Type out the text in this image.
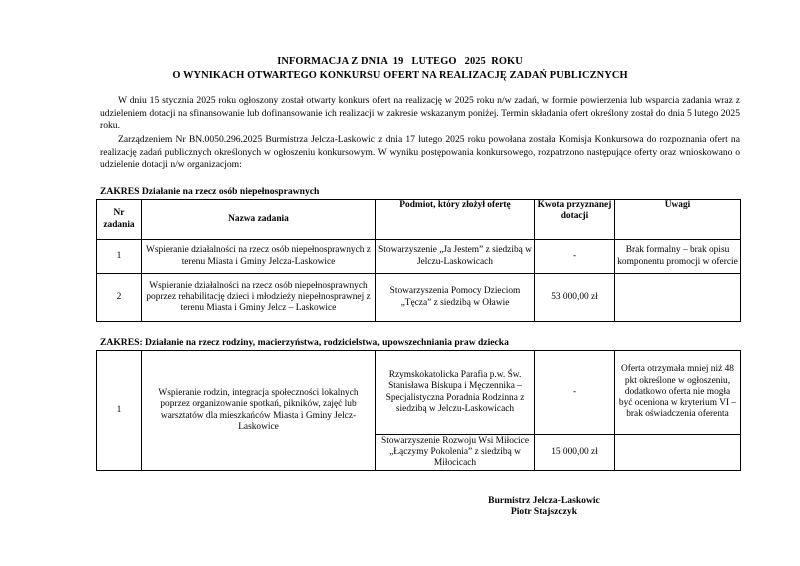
INFORMACJA Z DNIA  19   LUTEGO   2025  ROKU
O WYNIKACH OTWARTEGO KONKURSU OFERT NA REALIZACJĘ ZADAŃ PUBLICZNYCH
W dniu 15 stycznia 2025 roku ogłoszony został otwarty konkurs ofert na realizację w 2025 roku n/w zadań, w formie powierzenia lub wsparcia zadania wraz z udzieleniem dotacji na sfinansowanie lub dofinansowanie ich realizacji w zakresie wskazanym poniżej. Termin składania ofert określony został do dnia 5 lutego 2025 roku.
Zarządzeniem Nr BN.0050.296.2025 Burmistrza Jelcza-Laskowic z dnia 17 lutego 2025 roku powołana została Komisja Konkursowa do rozpoznania ofert na realizację zadań publicznych określonych w ogłoszeniu konkursowym. W wyniku postępowania konkursowego, rozpatrzono następujące oferty oraz wnioskowano o udzielenie dotacji n/w organizacjom:
ZAKRES Działanie na rzecz osób niepełnosprawnych
Nr zadania	Nazwa zadania	Podmiot, który złożył ofertę	Kwota przyznanej dotacji	Uwagi
1	Wspieranie działalności na rzecz osób niepełnosprawnych z terenu Miasta i Gminy Jelcza-Laskowice	Stowarzyszenie „Ja Jestem” z siedzibą w Jelczu-Laskowicach	-	Brak formalny – brak opisu komponentu promocji w ofercie
2	Wspieranie działalności na rzecz osób niepełnosprawnych poprzez rehabilitację dzieci i młodzieży niepełnosprawnej z terenu Miasta i Gminy Jelcz – Laskowice	Stowarzyszenia Pomocy Dzieciom „Tęcza” z siedzibą w Oławie	53 000,00 zł	
ZAKRES: Działanie na rzecz rodziny, macierzyństwa, rodzicielstwa, upowszechniania praw dziecka
1	Wspieranie rodzin, integracja społeczności lokalnych poprzez organizowanie spotkań, pikników, zajęć lub warsztatów dla mieszkańców Miasta i Gminy Jelcz-Laskowice	Rzymskokatolicka Parafia p.w. Św. Stanisława Biskupa i Męczennika – Specjalistyczna Poradnia Rodzinna z siedzibą w Jelczu-Laskowicach	-	Oferta otrzymała mniej niż 48 pkt określone w ogłoszeniu, dodatkowo oferta nie mogła być oceniona w kryterium VI – brak oświadczenia oferenta
		Stowarzyszenie Rozwoju Wsi Miłocice „Łączymy Pokolenia” z siedzibą w Miłocicach	15 000,00 zł	
Burmistrz Jelcza-Laskowic
Piotr Stajszczyk
